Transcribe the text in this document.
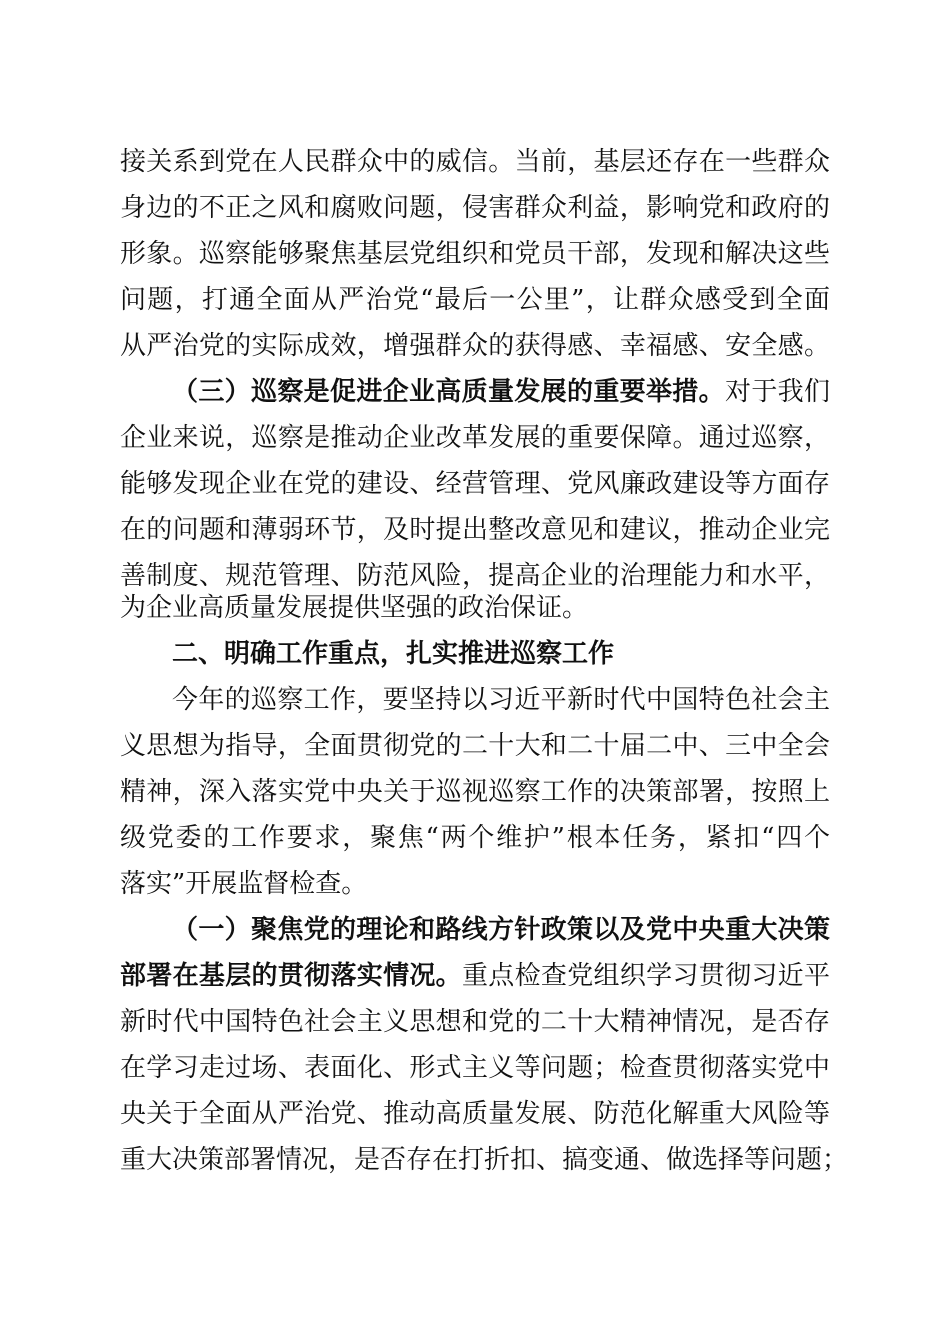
接关系到党在人民群众中的威信。当前，基层还存在一些群众
身边的不正之风和腐败问题，侵害群众利益，影响党和政府的
形象。巡察能够聚焦基层党组织和党员干部，发现和解决这些
问题，打通全面从严治党“最后一公里”，让群众感受到全面
从严治党的实际成效，增强群众的获得感、幸福感、安全感。
（三）巡察是促进企业高质量发展的重要举措。对于我们
企业来说，巡察是推动企业改革发展的重要保障。通过巡察，
能够发现企业在党的建设、经营管理、党风廉政建设等方面存
在的问题和薄弱环节，及时提出整改意见和建议，推动企业完
善制度、规范管理、防范风险，提高企业的治理能力和水平，
为企业高质量发展提供坚强的政治保证。
二、明确工作重点，扎实推进巡察工作
今年的巡察工作，要坚持以习近平新时代中国特色社会主
义思想为指导，全面贯彻党的二十大和二十届二中、三中全会
精神，深入落实党中央关于巡视巡察工作的决策部署，按照上
级党委的工作要求，聚焦“两个维护”根本任务，紧扣“四个
落实”开展监督检查。
（一）聚焦党的理论和路线方针政策以及党中央重大决策
部署在基层的贯彻落实情况。重点检查党组织学习贯彻习近平
新时代中国特色社会主义思想和党的二十大精神情况，是否存
在学习走过场、表面化、形式主义等问题；检查贯彻落实党中
央关于全面从严治党、推动高质量发展、防范化解重大风险等
重大决策部署情况，是否存在打折扣、搞变通、做选择等问题；
